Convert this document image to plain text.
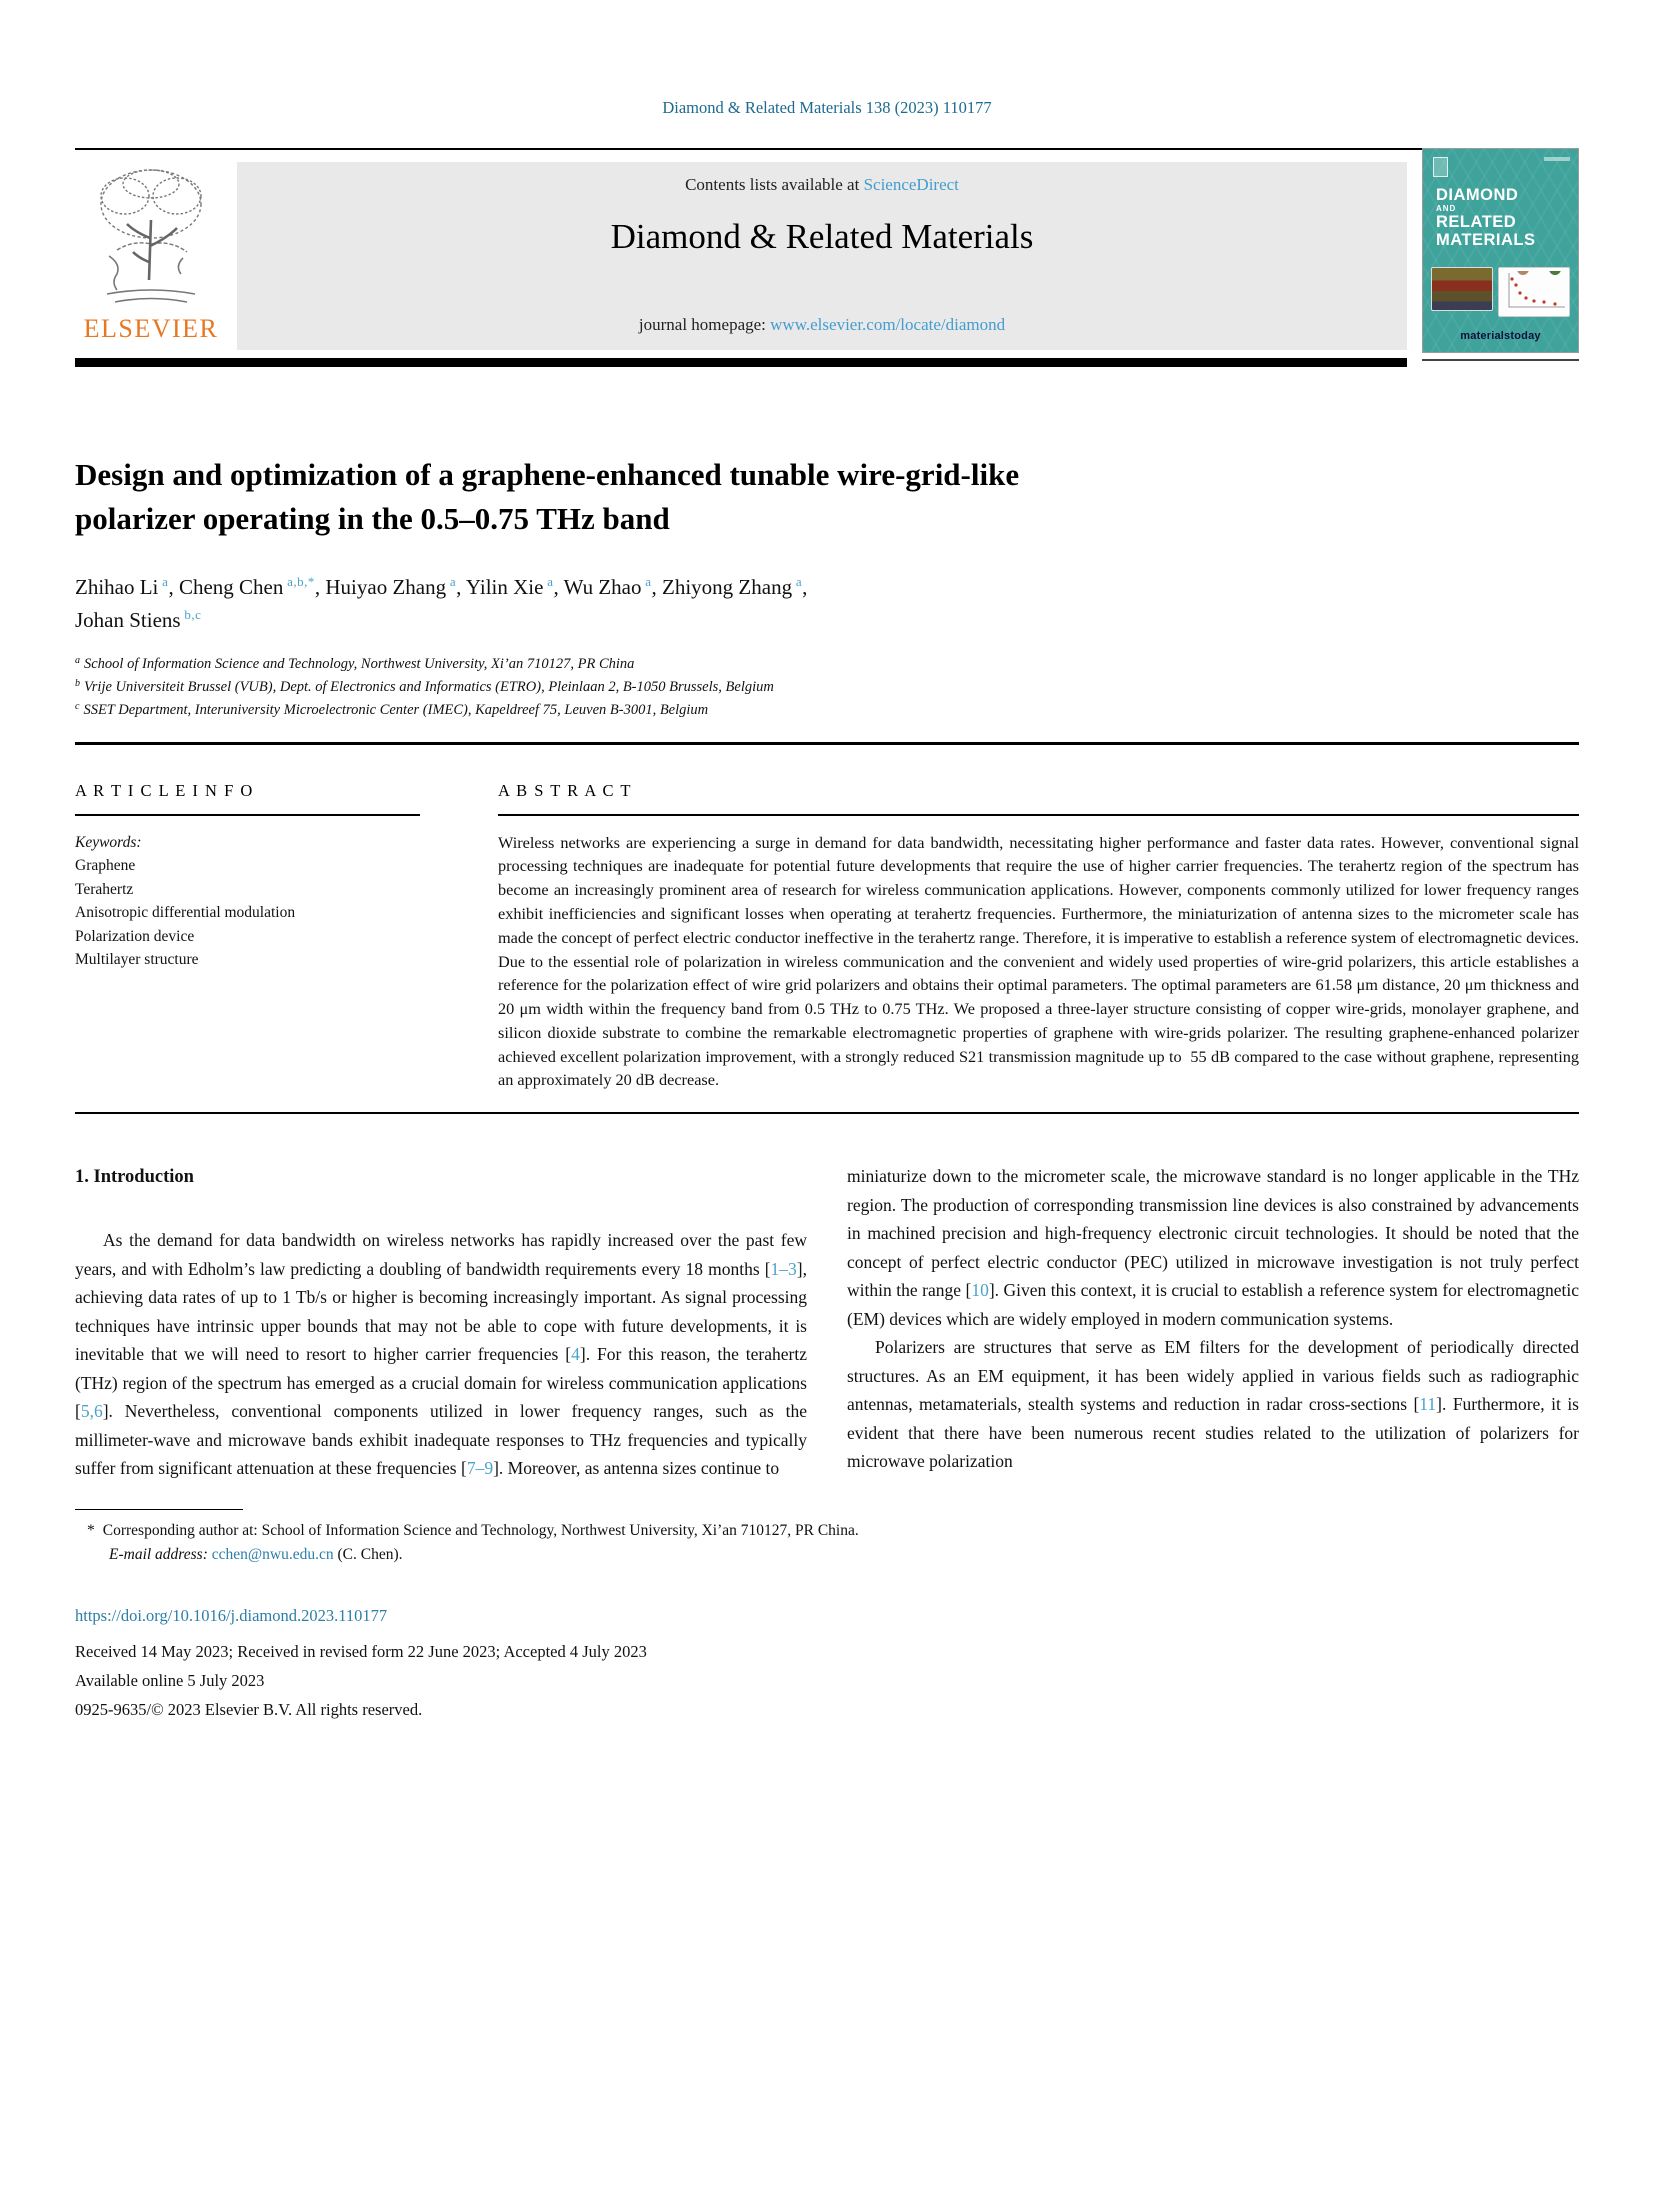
Diamond & Related Materials 138 (2023) 110177
ELSEVIER
Contents lists available at ScienceDirect
Diamond & Related Materials
journal homepage: www.elsevier.com/locate/diamond
DIAMOND
AND
RELATED
MATERIALS
materialstoday
Design and optimization of a graphene-enhanced tunable wire-grid-like
polarizer operating in the 0.5–0.75 THz band
Zhihao Li $^a$, Cheng Chen $^{a,b,*}$, Huiyao Zhang $^a$, Yilin Xie $^a$, Wu Zhao $^a$, Zhiyong Zhang $^a$,
Johan Stiens $^{b,c}$
$^a$ School of Information Science and Technology, Northwest University, Xi’an 710127, PR China
$^b$ Vrije Universiteit Brussel (VUB), Dept. of Electronics and Informatics (ETRO), Pleinlaan 2, B-1050 Brussels, Belgium
$^c$ SSET Department, Interuniversity Microelectronic Center (IMEC), Kapeldreef 75, Leuven B-3001, Belgium
A R T I C L E I N F O
Keywords:
Graphene
Terahertz
Anisotropic differential modulation
Polarization device
Multilayer structure
A B S T R A C T
Wireless networks are experiencing a surge in demand for data bandwidth, necessitating higher performance and faster data rates. However, conventional signal processing techniques are inadequate for potential future developments that require the use of higher carrier frequencies. The terahertz region of the spectrum has become an increasingly prominent area of research for wireless communication applications. However, components commonly utilized for lower frequency ranges exhibit inefficiencies and significant losses when operating at terahertz frequencies. Furthermore, the miniaturization of antenna sizes to the micrometer scale has made the concept of perfect electric conductor ineffective in the terahertz range. Therefore, it is imperative to establish a reference system of electromagnetic devices. Due to the essential role of polarization in wireless communication and the convenient and widely used properties of wire-grid polarizers, this article establishes a reference for the polarization effect of wire grid polarizers and obtains their optimal parameters. The optimal parameters are 61.58 μm distance, 20 μm thickness and 20 μm width within the frequency band from 0.5 THz to 0.75 THz. We proposed a three-layer structure consisting of copper wire-grids, monolayer graphene, and silicon dioxide substrate to combine the remarkable electromagnetic properties of graphene with wire-grids polarizer. The resulting graphene-enhanced polarizer achieved excellent polarization improvement, with a strongly reduced S21 transmission magnitude up to  55 dB compared to the case without graphene, representing an approximately 20 dB decrease.
1. Introduction

As the demand for data bandwidth on wireless networks has rapidly increased over the past few years, and with Edholm’s law predicting a doubling of bandwidth requirements every 18 months [1–3], achieving data rates of up to 1 Tb/s or higher is becoming increasingly important. As signal processing techniques have intrinsic upper bounds that may not be able to cope with future developments, it is inevitable that we will need to resort to higher carrier frequencies [4]. For this reason, the terahertz (THz) region of the spectrum has emerged as a crucial domain for wireless communication applications [5,6]. Nevertheless, conventional components utilized in lower frequency ranges, such as the millimeter-wave and microwave bands exhibit inadequate responses to THz frequencies and typically suffer from significant attenuation at these frequencies [7–9]. Moreover, as antenna sizes continue to

miniaturize down to the micrometer scale, the microwave standard is no longer applicable in the THz region. The production of corresponding transmission line devices is also constrained by advancements in machined precision and high-frequency electronic circuit technologies. It should be noted that the concept of perfect electric conductor (PEC) utilized in microwave investigation is not truly perfect within the range [10]. Given this context, it is crucial to establish a reference system for electromagnetic (EM) devices which are widely employed in modern communication systems.

Polarizers are structures that serve as EM filters for the development of periodically directed structures. As an EM equipment, it has been widely applied in various fields such as radiographic antennas, metamaterials, stealth systems and reduction in radar cross-sections [11]. Furthermore, it is evident that there have been numerous recent studies related to the utilization of polarizers for microwave polarization

* Corresponding author at: School of Information Science and Technology, Northwest University, Xi’an 710127, PR China.
E-mail address: cchen@nwu.edu.cn (C. Chen).
https://doi.org/10.1016/j.diamond.2023.110177
Received 14 May 2023; Received in revised form 22 June 2023; Accepted 4 July 2023
Available online 5 July 2023
0925-9635/© 2023 Elsevier B.V. All rights reserved.
